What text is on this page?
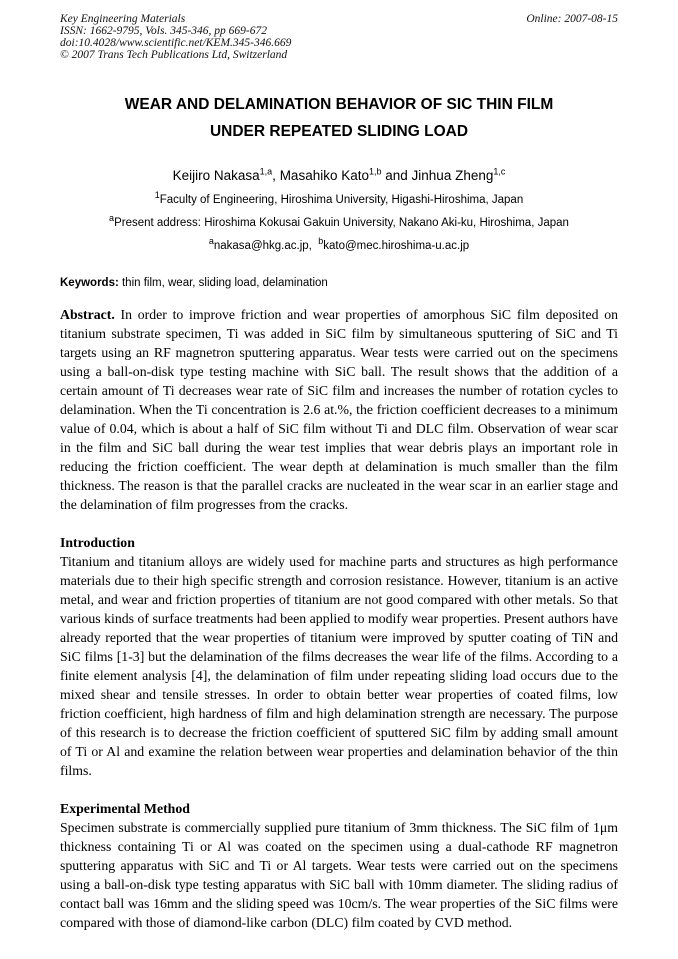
Key Engineering Materials
ISSN: 1662-9795, Vols. 345-346, pp 669-672
doi:10.4028/www.scientific.net/KEM.345-346.669
© 2007 Trans Tech Publications Ltd, Switzerland
Online: 2007-08-15
WEAR AND DELAMINATION BEHAVIOR OF SIC THIN FILM
UNDER REPEATED SLIDING LOAD
Keijiro Nakasa$^{1,a}$, Masahiko Kato$^{1,b}$ and Jinhua Zheng$^{1,c}$
$^1$Faculty of Engineering, Hiroshima University, Higashi-Hiroshima, Japan
$^a$Present address: Hiroshima Kokusai Gakuin University, Nakano Aki-ku, Hiroshima, Japan
$^a$nakasa@hkg.ac.jp, $^b$kato@mec.hiroshima-u.ac.jp
Keywords: thin film, wear, sliding load, delamination
Abstract. In order to improve friction and wear properties of amorphous SiC film deposited on titanium substrate specimen, Ti was added in SiC film by simultaneous sputtering of SiC and Ti targets using an RF magnetron sputtering apparatus. Wear tests were carried out on the specimens using a ball-on-disk type testing machine with SiC ball. The result shows that the addition of a certain amount of Ti decreases wear rate of SiC film and increases the number of rotation cycles to delamination. When the Ti concentration is 2.6 at.%, the friction coefficient decreases to a minimum value of 0.04, which is about a half of SiC film without Ti and DLC film. Observation of wear scar in the film and SiC ball during the wear test implies that wear debris plays an important role in reducing the friction coefficient. The wear depth at delamination is much smaller than the film thickness. The reason is that the parallel cracks are nucleated in the wear scar in an earlier stage and the delamination of film progresses from the cracks.
Introduction
Titanium and titanium alloys are widely used for machine parts and structures as high performance materials due to their high specific strength and corrosion resistance. However, titanium is an active metal, and wear and friction properties of titanium are not good compared with other metals. So that various kinds of surface treatments had been applied to modify wear properties. Present authors have already reported that the wear properties of titanium were improved by sputter coating of TiN and SiC films [1-3] but the delamination of the films decreases the wear life of the films. According to a finite element analysis [4], the delamination of film under repeating sliding load occurs due to the mixed shear and tensile stresses. In order to obtain better wear properties of coated films, low friction coefficient, high hardness of film and high delamination strength are necessary. The purpose of this research is to decrease the friction coefficient of sputtered SiC film by adding small amount of Ti or Al and examine the relation between wear properties and delamination behavior of the thin films.
Experimental Method
Specimen substrate is commercially supplied pure titanium of 3mm thickness. The SiC film of 1μm thickness containing Ti or Al was coated on the specimen using a dual-cathode RF magnetron sputtering apparatus with SiC and Ti or Al targets. Wear tests were carried out on the specimens using a ball-on-disk type testing apparatus with SiC ball with 10mm diameter. The sliding radius of contact ball was 16mm and the sliding speed was 10cm/s. The wear properties of the SiC films were compared with those of diamond-like carbon (DLC) film coated by CVD method.
